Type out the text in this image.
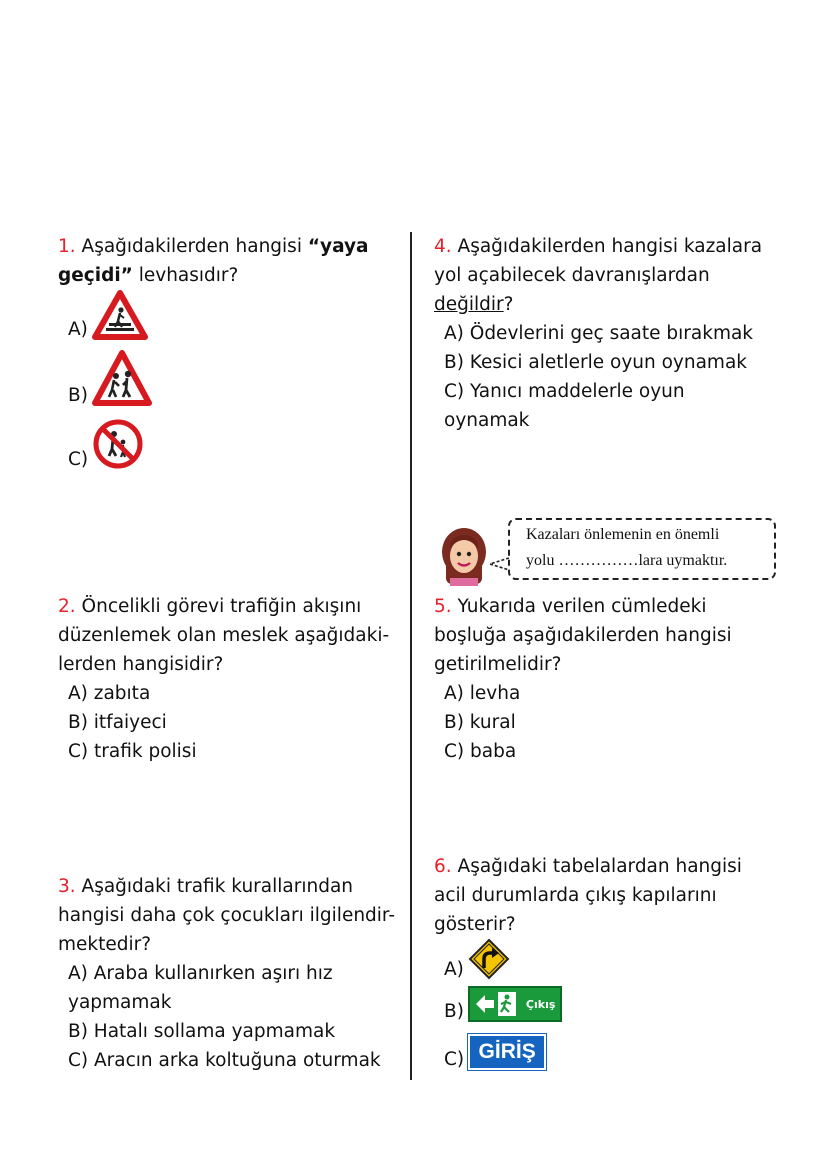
1. Aşağıdakilerden hangisi “yaya
geçidi” levhasıdır?
A)
B)
C)
2. Öncelikli görevi trafiğin akışını
düzenlemek olan meslek aşağıdaki-
lerden hangisidir?
A) zabıta
B) itfaiyeci
C) trafik polisi
3. Aşağıdaki trafik kurallarından
hangisi daha çok çocukları ilgilendir-
mektedir?
A) Araba kullanırken aşırı hız
yapmamak
B) Hatalı sollama yapmamak
C) Aracın arka koltuğuna oturmak
4. Aşağıdakilerden hangisi kazalara
yol açabilecek davranışlardan
değildir?
A) Ödevlerini geç saate bırakmak
B) Kesici aletlerle oyun oynamak
C) Yanıcı maddelerle oyun
oynamak
Kazaları önlemenin en önemli
yolu ……………lara uymaktır.
5. Yukarıda verilen cümledeki
boşluğa aşağıdakilerden hangisi
getirilmelidir?
A) levha
B) kural
C) baba
6. Aşağıdaki tabelalardan hangisi
acil durumlarda çıkış kapılarını
gösterir?
A)
B)	Çıkış
C) GİRİŞ
